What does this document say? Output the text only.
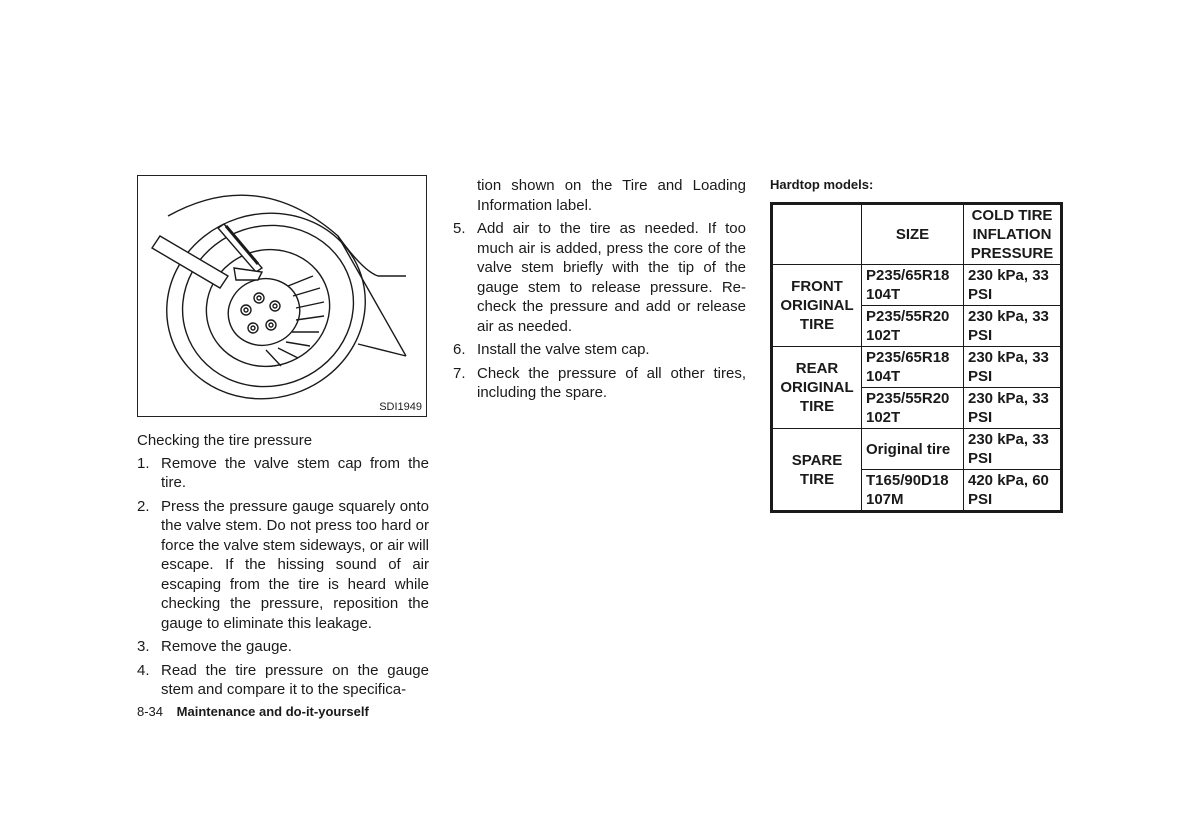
SDI1949

Checking the tire pressure

1. Remove the valve stem cap from the tire.
2. Press the pressure gauge squarely onto the valve stem. Do not press too hard or force the valve stem sideways, or air will escape. If the hissing sound of air escaping from the tire is heard while checking the pressure, reposition the gauge to eliminate this leakage.
3. Remove the gauge.
4. Read the tire pressure on the gauge stem and compare it to the specifica-

tion shown on the Tire and Loading Information label.

5. Add air to the tire as needed. If too much air is added, press the core of the valve stem briefly with the tip of the gauge stem to release pressure. Re-check the pressure and add or release air as needed.
6. Install the valve stem cap.
7. Check the pressure of all other tires, including the spare.

Hardtop models:

	SIZE	COLD TIRE INFLATION PRESSURE
FRONT ORIGINAL TIRE	P235/65R18 104T	230 kPa, 33 PSI
	P235/55R20 102T	230 kPa, 33 PSI
REAR ORIGINAL TIRE	P235/65R18 104T	230 kPa, 33 PSI
	P235/55R20 102T	230 kPa, 33 PSI
SPARE TIRE	Original tire	230 kPa, 33 PSI
	T165/90D18 107M	420 kPa, 60 PSI
8-34 Maintenance and do-it-yourself
